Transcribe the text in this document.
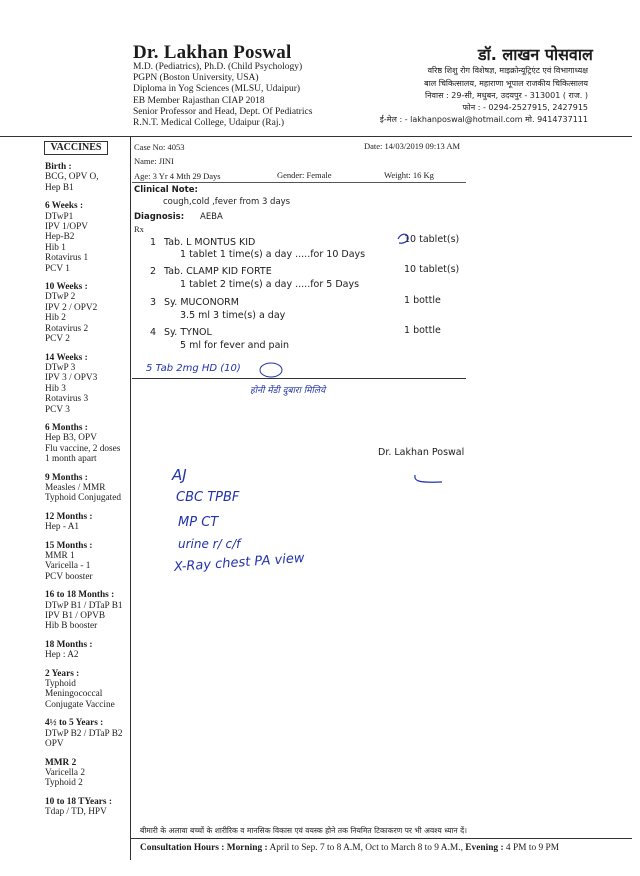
Dr. Lakhan Poswal	डॉ. लाखन पोसवाल
M.D. (Pediatrics), Ph.D. (Child Psychology)
PGPN (Boston University, USA)
Diploma in Yog Sciences (MLSU, Udaipur)
EB Member Rajasthan CIAP 2018
Senior Professor and Head, Dept. Of Pediatrics
R.N.T. Medical College, Udaipur (Raj.)
वरिष्ठ शिशु रोग विशेषज्ञ, माइक्रोन्यूट्रिएंट एवं विभागाध्यक्ष
बाल चिकित्सालय, महाराणा भूपाल राजकीय चिकित्सालय
निवास : 29-सी, मधुबन, उदयपुर - 313001 ( राज. )
फोन : - 0294-2527915, 2427915
ई-मेल : - lakhanposwal@hotmail.com मो. 9414737111
VACCINES
Birth :
BCG, OPV O,
Hep B1
6 Weeks :
DTwP1
IPV 1/OPV
Hep-B2
Hib 1
Rotavirus 1
PCV 1
10 Weeks :
DTwP 2
IPV 2 / OPV2
Hib 2
Rotavirus 2
PCV 2
14 Weeks :
DTwP 3
IPV 3 / OPV3
Hib 3
Rotavirus 3
PCV 3
6 Months :
Hep B3, OPV
Flu vaccine, 2 doses
1 month apart
9 Months :
Measles / MMR
Typhoid Conjugated
12 Months :
Hep - A1
15 Months :
MMR 1
Varicella - 1
PCV booster
16 to 18 Months :
DTwP B1 / DTaP B1
IPV B1 / OPVB
Hib B booster
18 Months :
Hep : A2
2 Years :
Typhoid
Meningococcal
Conjugate Vaccine
4½ to 5 Years :
DTwP B2 / DTaP B2
OPV
MMR 2
Varicella 2
Typhoid 2
10 to 18 TYears :
Tdap / TD, HPV
Case No: 4053	Date: 14/03/2019 09:13 AM
Name: JINI
Age: 3 Yr 4 Mth 29 Days	Gender: Female	Weight: 16 Kg
Clinical Note:
cough,cold ,fever from 3 days
Diagnosis: AEBA
Rx
1 Tab. L MONTUS KID
1 tablet 1 time(s) a day .....for 10 Days
10 tablet(s)
2 Tab. CLAMP KID FORTE
1 tablet 2 time(s) a day .....for 5 Days
10 tablet(s)
3 Sy. MUCONORM
3.5 ml 3 time(s) a day
1 bottle
4 Sy. TYNOL
5 ml for fever and pain
1 bottle
5 Tab 2mg HD (10)
होनी मेंडी दुबारा मिलिये
Dr. Lakhan Poswal
AJ
CBC TPBF
MP CT
urine r/ c/f
X-Ray chest PA view
बीमारी के अलावा बच्चों के शारीरिक व मानसिक विकास एवं वयस्क होने तक नियमित टिकाकरण पर भी अवश्य ध्यान दें।
Consultation Hours : Morning : April to Sep. 7 to 8 A.M, Oct to March 8 to 9 A.M., Evening : 4 PM to 9 PM
